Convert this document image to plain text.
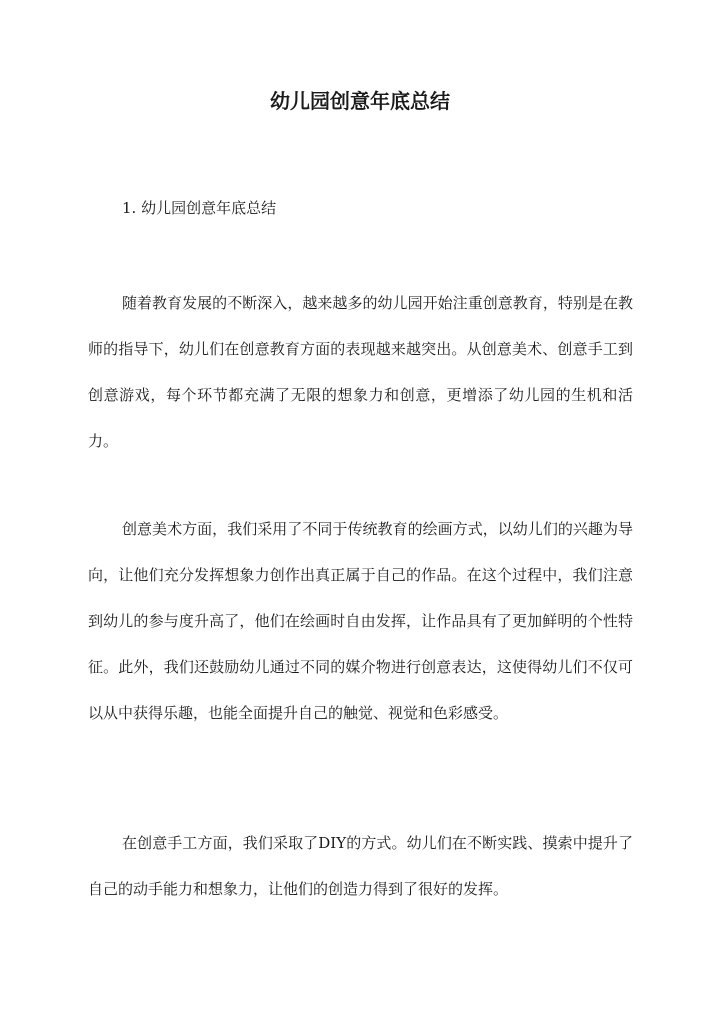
幼儿园创意年底总结

1. 幼儿园创意年底总结

随着教育发展的不断深入，越来越多的幼儿园开始注重创意教育，特别是在教师的指导下，幼儿们在创意教育方面的表现越来越突出。从创意美术、创意手工到创意游戏，每个环节都充满了无限的想象力和创意，更增添了幼儿园的生机和活力。

创意美术方面，我们采用了不同于传统教育的绘画方式，以幼儿们的兴趣为导向，让他们充分发挥想象力创作出真正属于自己的作品。在这个过程中，我们注意到幼儿的参与度升高了，他们在绘画时自由发挥，让作品具有了更加鲜明的个性特征。此外，我们还鼓励幼儿通过不同的媒介物进行创意表达，这使得幼儿们不仅可以从中获得乐趣，也能全面提升自己的触觉、视觉和色彩感受。

在创意手工方面，我们采取了DIY的方式。幼儿们在不断实践、摸索中提升了自己的动手能力和想象力，让他们的创造力得到了很好的发挥。
